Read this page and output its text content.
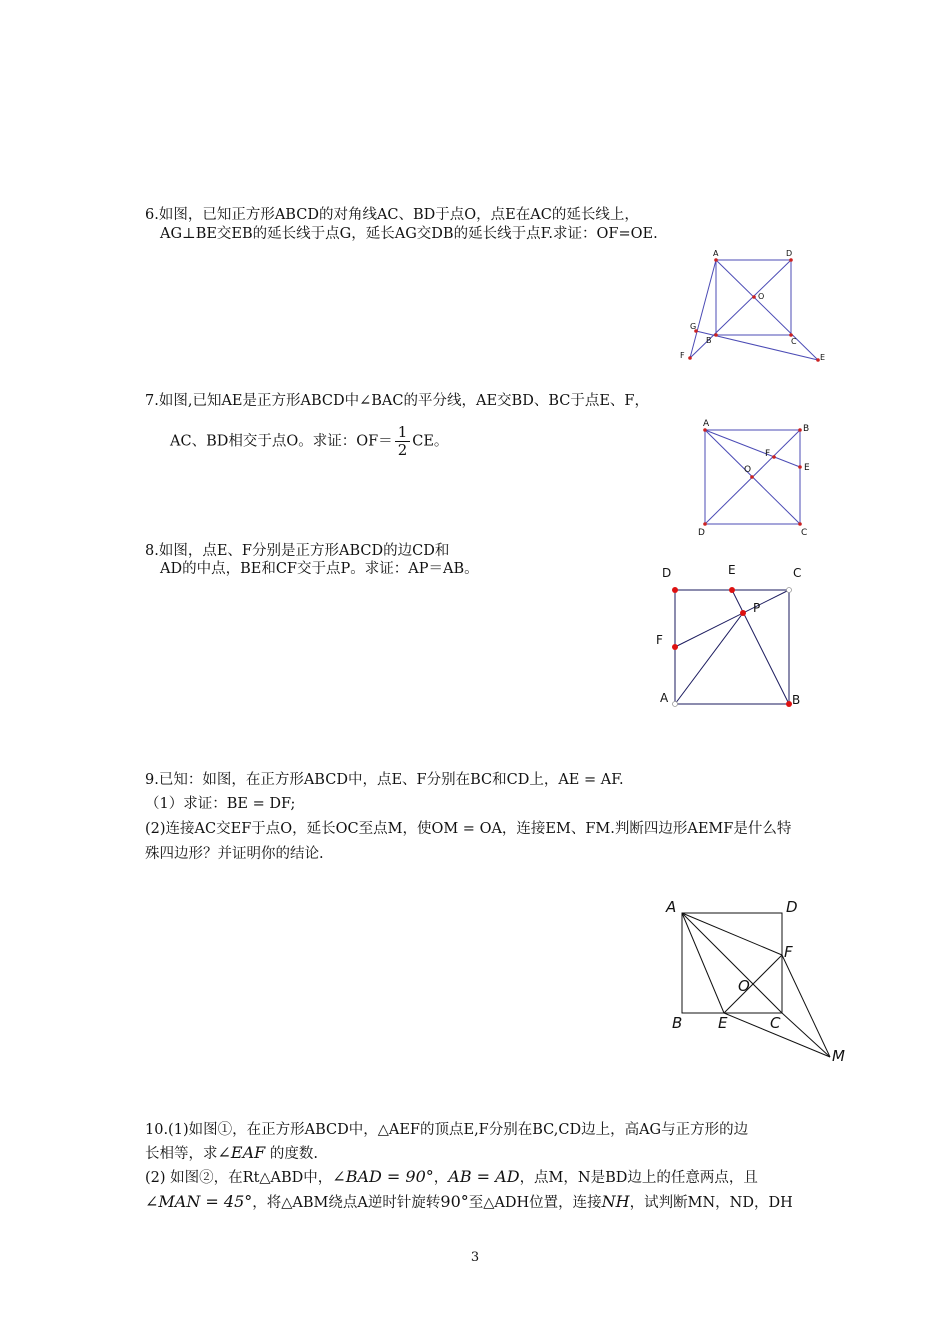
6.如图，已知正方形ABCD的对角线AC、BD于点O，点E在AC的延长线上，
AG⊥BE交EB的延长线于点G，延长AG交DB的延长线于点F.求证：OF=OE.
A	D
O
G
B	C
F	E
7.如图,已知AE是正方形ABCD中∠BAC的平分线，AE交BD、BC于点E、F，
AC、BD相交于点O。求证：$OF= \frac{1}{2}$ CE。
A	B
F
O	E
D	C
8.如图，点E、F分别是正方形ABCD的边CD和
AD的中点，BE和CF交于点P。求证：AP＝AB。	D	E	C
P
F
A	B
9.已知：如图，在正方形ABCD中，点E、F分别在BC和CD上，AE = AF.
（1）求证：BE = DF;
(2)连接AC交EF于点O，延长OC至点M，使OM = OA，连接EM、FM.判断四边形AEMF是什么特
殊四边形？并证明你的结论.
A	D
F
O
B E	C
M
10.(1)如图①，在正方形ABCD中，△AEF的顶点E,F分别在BC,CD边上，高AG与正方形的边
长相等，求∠EAF 的度数.
(2) 如图②，在Rt△ABD中，∠BAD = 90°，AB = AD，点M，N是BD边上的任意两点，且
∠MAN = 45°，将△ABM绕点A逆时针旋转90°至△ADH位置，连接NH，试判断MN，ND，DH
3
